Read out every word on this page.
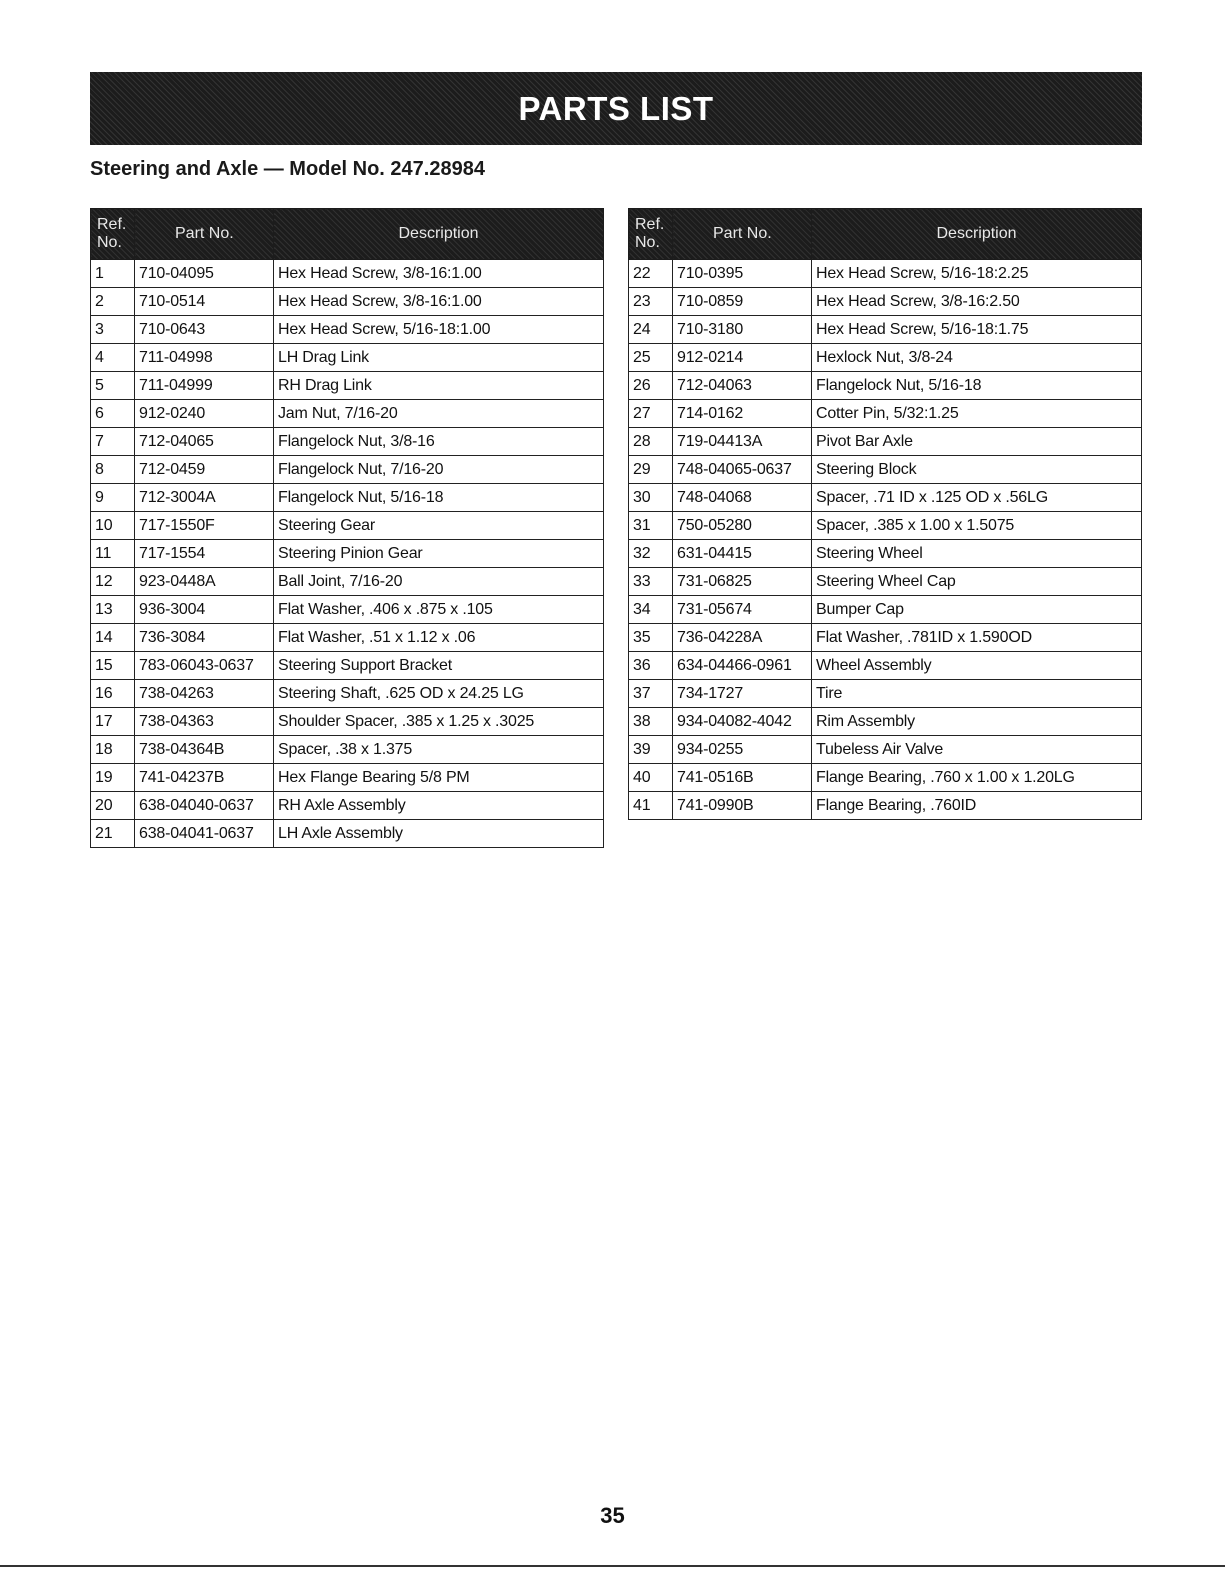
PARTS LIST
Steering and Axle — Model No. 247.28984
Ref.
No.	Part No.	Description
1	710-04095	Hex Head Screw, 3/8-16:1.00
2	710-0514	Hex Head Screw, 3/8-16:1.00
3	710-0643	Hex Head Screw, 5/16-18:1.00
4	711-04998	LH Drag Link
5	711-04999	RH Drag Link
6	912-0240	Jam Nut, 7/16-20
7	712-04065	Flangelock Nut, 3/8-16
8	712-0459	Flangelock Nut, 7/16-20
9	712-3004A	Flangelock Nut, 5/16-18
10	717-1550F	Steering Gear
11	717-1554	Steering Pinion Gear
12	923-0448A	Ball Joint, 7/16-20
13	936-3004	Flat Washer, .406 x .875 x .105
14	736-3084	Flat Washer, .51 x 1.12 x .06
15	783-06043-0637	Steering Support Bracket
16	738-04263	Steering Shaft, .625 OD x 24.25 LG
17	738-04363	Shoulder Spacer, .385 x 1.25 x .3025
18	738-04364B	Spacer, .38 x 1.375
19	741-04237B	Hex Flange Bearing 5/8 PM
20	638-04040-0637	RH Axle Assembly
21	638-04041-0637	LH Axle Assembly
Ref.
No.	Part No.	Description
22	710-0395	Hex Head Screw, 5/16-18:2.25
23	710-0859	Hex Head Screw, 3/8-16:2.50
24	710-3180	Hex Head Screw, 5/16-18:1.75
25	912-0214	Hexlock Nut, 3/8-24
26	712-04063	Flangelock Nut, 5/16-18
27	714-0162	Cotter Pin, 5/32:1.25
28	719-04413A	Pivot Bar Axle
29	748-04065-0637	Steering Block
30	748-04068	Spacer, .71 ID x .125 OD x .56LG
31	750-05280	Spacer, .385 x 1.00 x 1.5075
32	631-04415	Steering Wheel
33	731-06825	Steering Wheel Cap
34	731-05674	Bumper Cap
35	736-04228A	Flat Washer, .781ID x 1.590OD
36	634-04466-0961	Wheel Assembly
37	734-1727	Tire
38	934-04082-4042	Rim Assembly
39	934-0255	Tubeless Air Valve
40	741-0516B	Flange Bearing, .760 x 1.00 x 1.20LG
41	741-0990B	Flange Bearing, .760ID
35
